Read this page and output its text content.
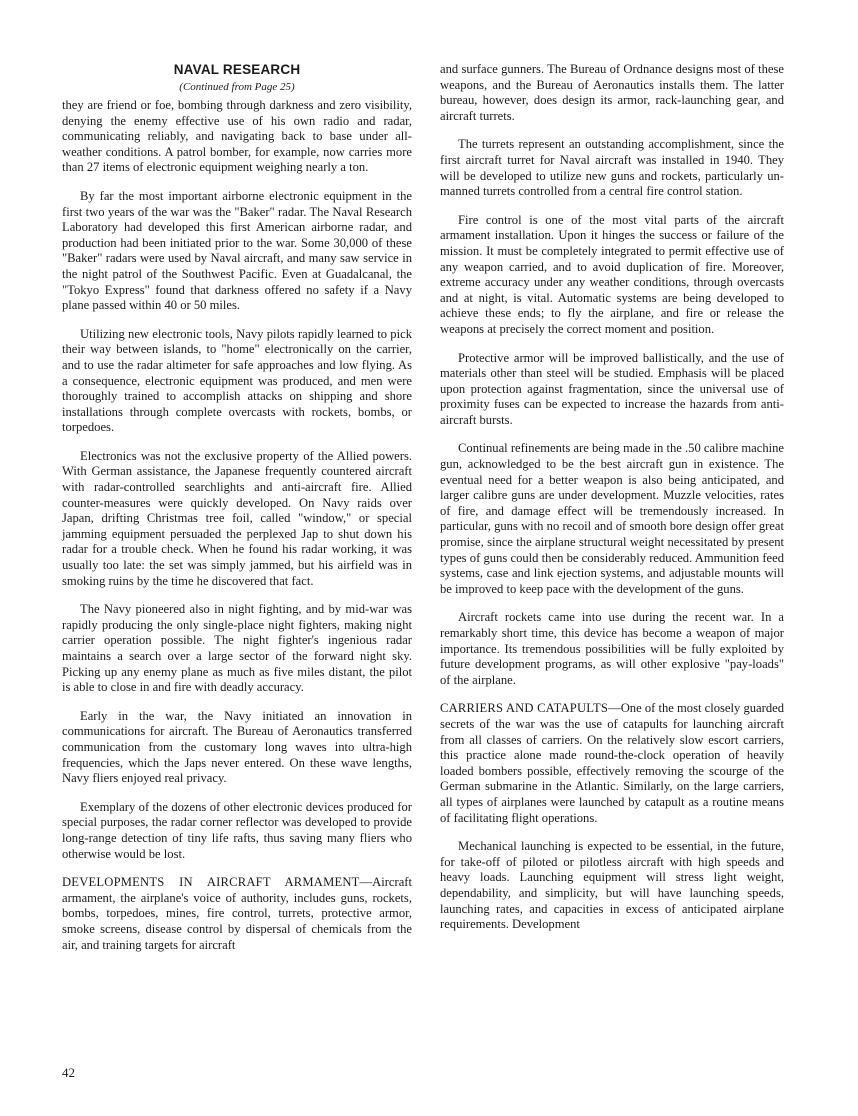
NAVAL RESEARCH
(Continued from Page 25)

they are friend or foe, bombing through darkness and zero visibility, denying the enemy effective use of his own radio and radar, communicating reliably, and navigating back to base under all-weather conditions. A patrol bomber, for example, now carries more than 27 items of electronic equipment weighing nearly a ton.

By far the most important airborne electronic equipment in the first two years of the war was the "Baker" radar. The Naval Research Laboratory had developed this first American airborne radar, and production had been initiated prior to the war. Some 30,000 of these "Baker" radars were used by Naval aircraft, and many saw service in the night patrol of the Southwest Pacific. Even at Guadalcanal, the "Tokyo Express" found that darkness offered no safety if a Navy plane passed within 40 or 50 miles.

Utilizing new electronic tools, Navy pilots rapidly learned to pick their way between islands, to "home" electronically on the carrier, and to use the radar altimeter for safe approaches and low flying. As a consequence, electronic equipment was produced, and men were thoroughly trained to accomplish attacks on shipping and shore installations through complete overcasts with rockets, bombs, or torpedoes.

Electronics was not the exclusive property of the Allied powers. With German assistance, the Japanese frequently countered aircraft with radar-controlled searchlights and anti-aircraft fire. Allied counter-measures were quickly developed. On Navy raids over Japan, drifting Christmas tree foil, called "window," or special jamming equipment persuaded the perplexed Jap to shut down his radar for a trouble check. When he found his radar working, it was usually too late: the set was simply jammed, but his airfield was in smoking ruins by the time he discovered that fact.

The Navy pioneered also in night fighting, and by mid-war was rapidly producing the only single-place night fighters, making night carrier operation possible. The night fighter's ingenious radar maintains a search over a large sector of the forward night sky. Picking up any enemy plane as much as five miles distant, the pilot is able to close in and fire with deadly accuracy.

Early in the war, the Navy initiated an innovation in communications for aircraft. The Bureau of Aeronautics transferred communication from the customary long waves into ultra-high frequencies, which the Japs never entered. On these wave lengths, Navy fliers enjoyed real privacy.

Exemplary of the dozens of other electronic devices produced for special purposes, the radar corner reflector was developed to provide long-range detection of tiny life rafts, thus saving many fliers who otherwise would be lost.

DEVELOPMENTS IN AIRCRAFT ARMAMENT—Aircraft armament, the airplane's voice of authority, includes guns, rockets, bombs, torpedoes, mines, fire control, turrets, protective armor, smoke screens, disease control by dispersal of chemicals from the air, and training targets for aircraft

and surface gunners. The Bureau of Ordnance designs most of these weapons, and the Bureau of Aeronautics installs them. The latter bureau, however, does design its armor, rack-launching gear, and aircraft turrets.

The turrets represent an outstanding accomplishment, since the first aircraft turret for Naval aircraft was installed in 1940. They will be developed to utilize new guns and rockets, particularly un-manned turrets controlled from a central fire control station.

Fire control is one of the most vital parts of the aircraft armament installation. Upon it hinges the success or failure of the mission. It must be completely integrated to permit effective use of any weapon carried, and to avoid duplication of fire. Moreover, extreme accuracy under any weather conditions, through overcasts and at night, is vital. Automatic systems are being developed to achieve these ends; to fly the airplane, and fire or release the weapons at precisely the correct moment and position.

Protective armor will be improved ballistically, and the use of materials other than steel will be studied. Emphasis will be placed upon protection against fragmentation, since the universal use of proximity fuses can be expected to increase the hazards from anti-aircraft bursts.

Continual refinements are being made in the .50 calibre machine gun, acknowledged to be the best aircraft gun in existence. The eventual need for a better weapon is also being anticipated, and larger calibre guns are under development. Muzzle velocities, rates of fire, and damage effect will be tremendously increased. In particular, guns with no recoil and of smooth bore design offer great promise, since the airplane structural weight necessitated by present types of guns could then be considerably reduced. Ammunition feed systems, case and link ejection systems, and adjustable mounts will be improved to keep pace with the development of the guns.

Aircraft rockets came into use during the recent war. In a remarkably short time, this device has become a weapon of major importance. Its tremendous possibilities will be fully exploited by future development programs, as will other explosive "pay-loads" of the airplane.

CARRIERS AND CATAPULTS—One of the most closely guarded secrets of the war was the use of catapults for launching aircraft from all classes of carriers. On the relatively slow escort carriers, this practice alone made round-the-clock operation of heavily loaded bombers possible, effectively removing the scourge of the German submarine in the Atlantic. Similarly, on the large carriers, all types of airplanes were launched by catapult as a routine means of facilitating flight operations.

Mechanical launching is expected to be essential, in the future, for take-off of piloted or pilotless aircraft with high speeds and heavy loads. Launching equipment will stress light weight, dependability, and simplicity, but will have launching speeds, launching rates, and capacities in excess of anticipated airplane requirements. Development

42
